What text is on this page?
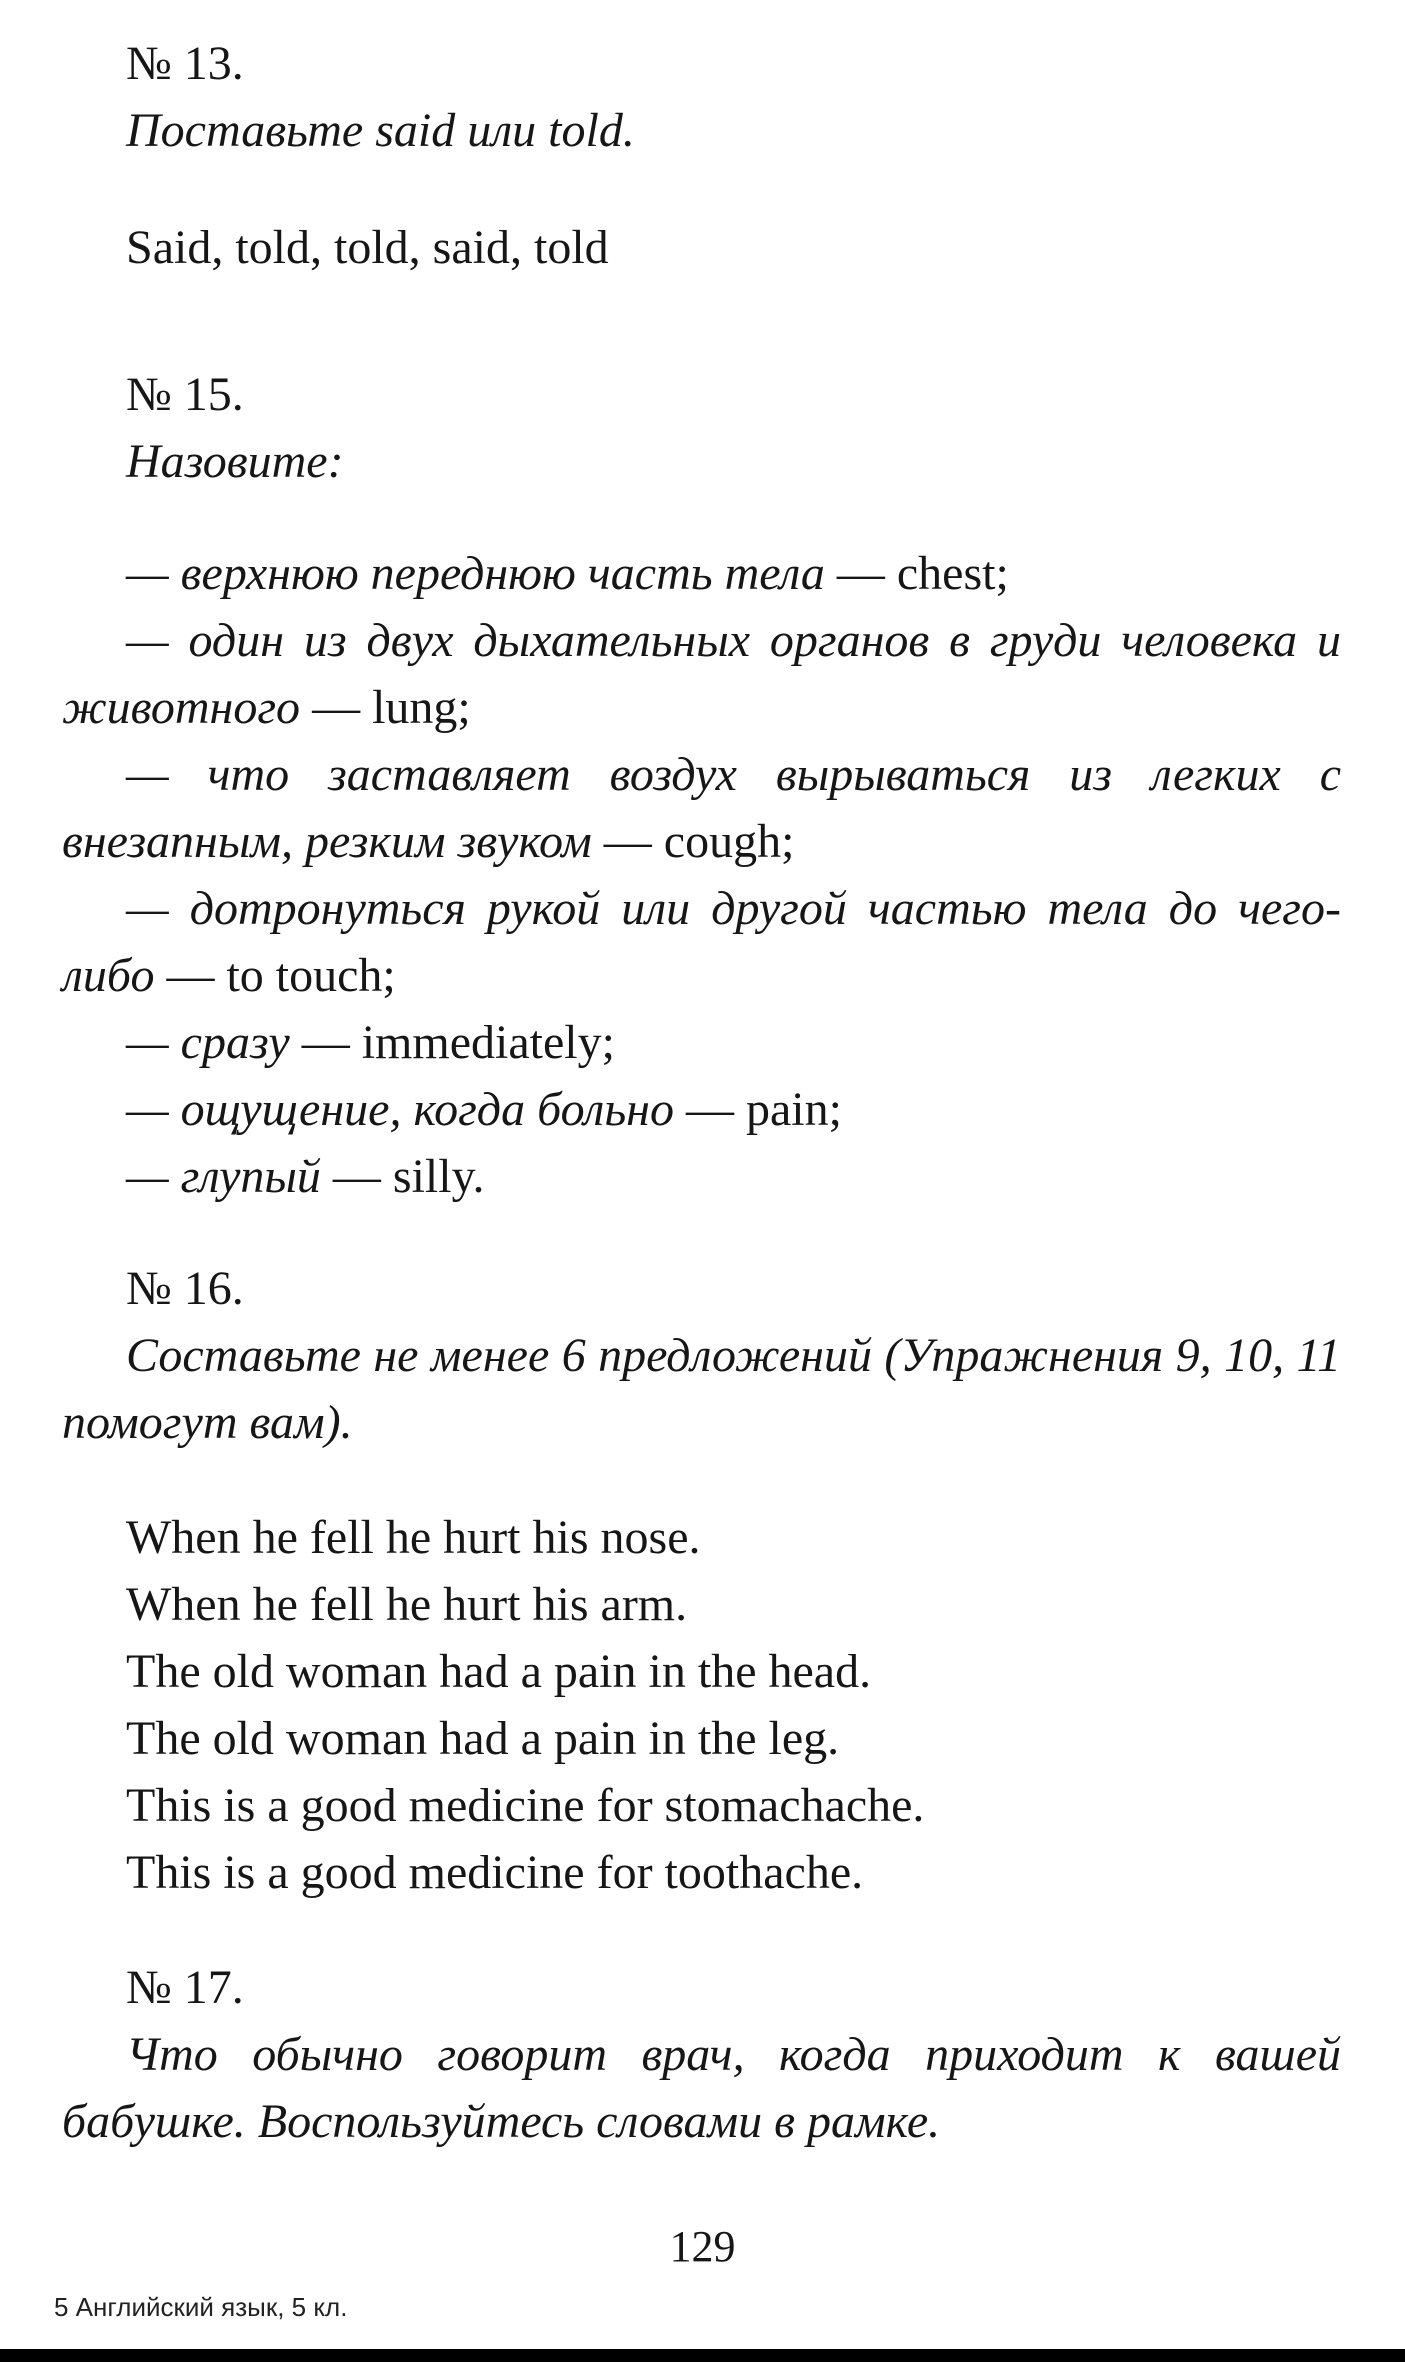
№ 13.

Поставьте said или told.

Said, told, told, said, told

№ 15.

Назовите:

— верхнюю переднюю часть тела — chest;

— один из двух дыхательных органов в груди человека и животного — lung;

— что заставляет воздух вырываться из легких с внезапным, резким звуком — cough;

— дотронуться рукой или другой частью тела до чего-либо — to touch;

— сразу — immediately;

— ощущение, когда больно — pain;

— глупый — silly.

№ 16.

Составьте не менее 6 предложений (Упражнения 9, 10, 11 помогут вам).

When he fell he hurt his nose.

When he fell he hurt his arm.

The old woman had a pain in the head.

The old woman had a pain in the leg.

This is a good medicine for stomachache.

This is a good medicine for toothache.

№ 17.

Что обычно говорит врач, когда приходит к вашей бабушке. Воспользуйтесь словами в рамке.

129
5 Английский язык, 5 кл.
